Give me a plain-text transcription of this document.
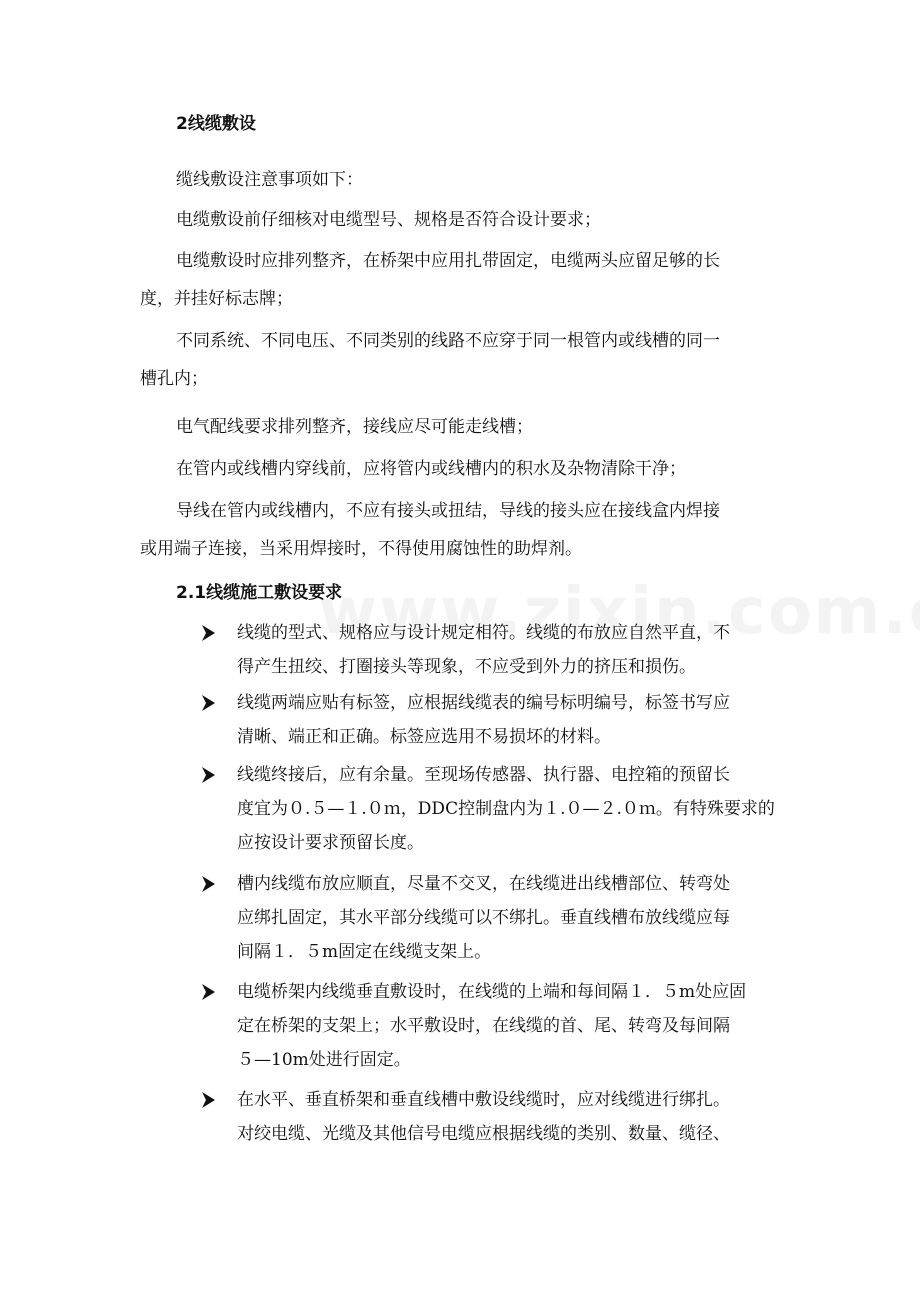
2线缆敷设
缆线敷设注意事项如下：
电缆敷设前仔细核对电缆型号、规格是否符合设计要求；
电缆敷设时应排列整齐，在桥架中应用扎带固定，电缆两头应留足够的长
度，并挂好标志牌；
不同系统、不同电压、不同类别的线路不应穿于同一根管内或线槽的同一
槽孔内；
电气配线要求排列整齐，接线应尽可能走线槽；
在管内或线槽内穿线前，应将管内或线槽内的积水及杂物清除干净；
导线在管内或线槽内，不应有接头或扭结，导线的接头应在接线盒内焊接
或用端子连接，当采用焊接时，不得使用腐蚀性的助焊剂。
2.1线缆施工敷设要求
线缆的型式、规格应与设计规定相符。线缆的布放应自然平直，不
得产生扭绞、打圈接头等现象，不应受到外力的挤压和损伤。
线缆两端应贴有标签，应根据线缆表的编号标明编号，标签书写应
清晰、端正和正确。标签应选用不易损坏的材料。
线缆终接后，应有余量。至现场传感器、执行器、电控箱的预留长
度宜为０.５—１.０ｍ，DDC控制盘内为１.０—２.０ｍ。有特殊要求的
应按设计要求预留长度。
槽内线缆布放应顺直，尽量不交叉，在线缆进出线槽部位、转弯处
应绑扎固定，其水平部分线缆可以不绑扎。垂直线槽布放线缆应每
间隔１．５m固定在线缆支架上。
电缆桥架内线缆垂直敷设时，在线缆的上端和每间隔１．５m处应固
定在桥架的支架上；水平敷设时，在线缆的首、尾、转弯及每间隔
５—10m处进行固定。
在水平、垂直桥架和垂直线槽中敷设线缆时，应对线缆进行绑扎。
对绞电缆、光缆及其他信号电缆应根据线缆的类别、数量、缆径、
